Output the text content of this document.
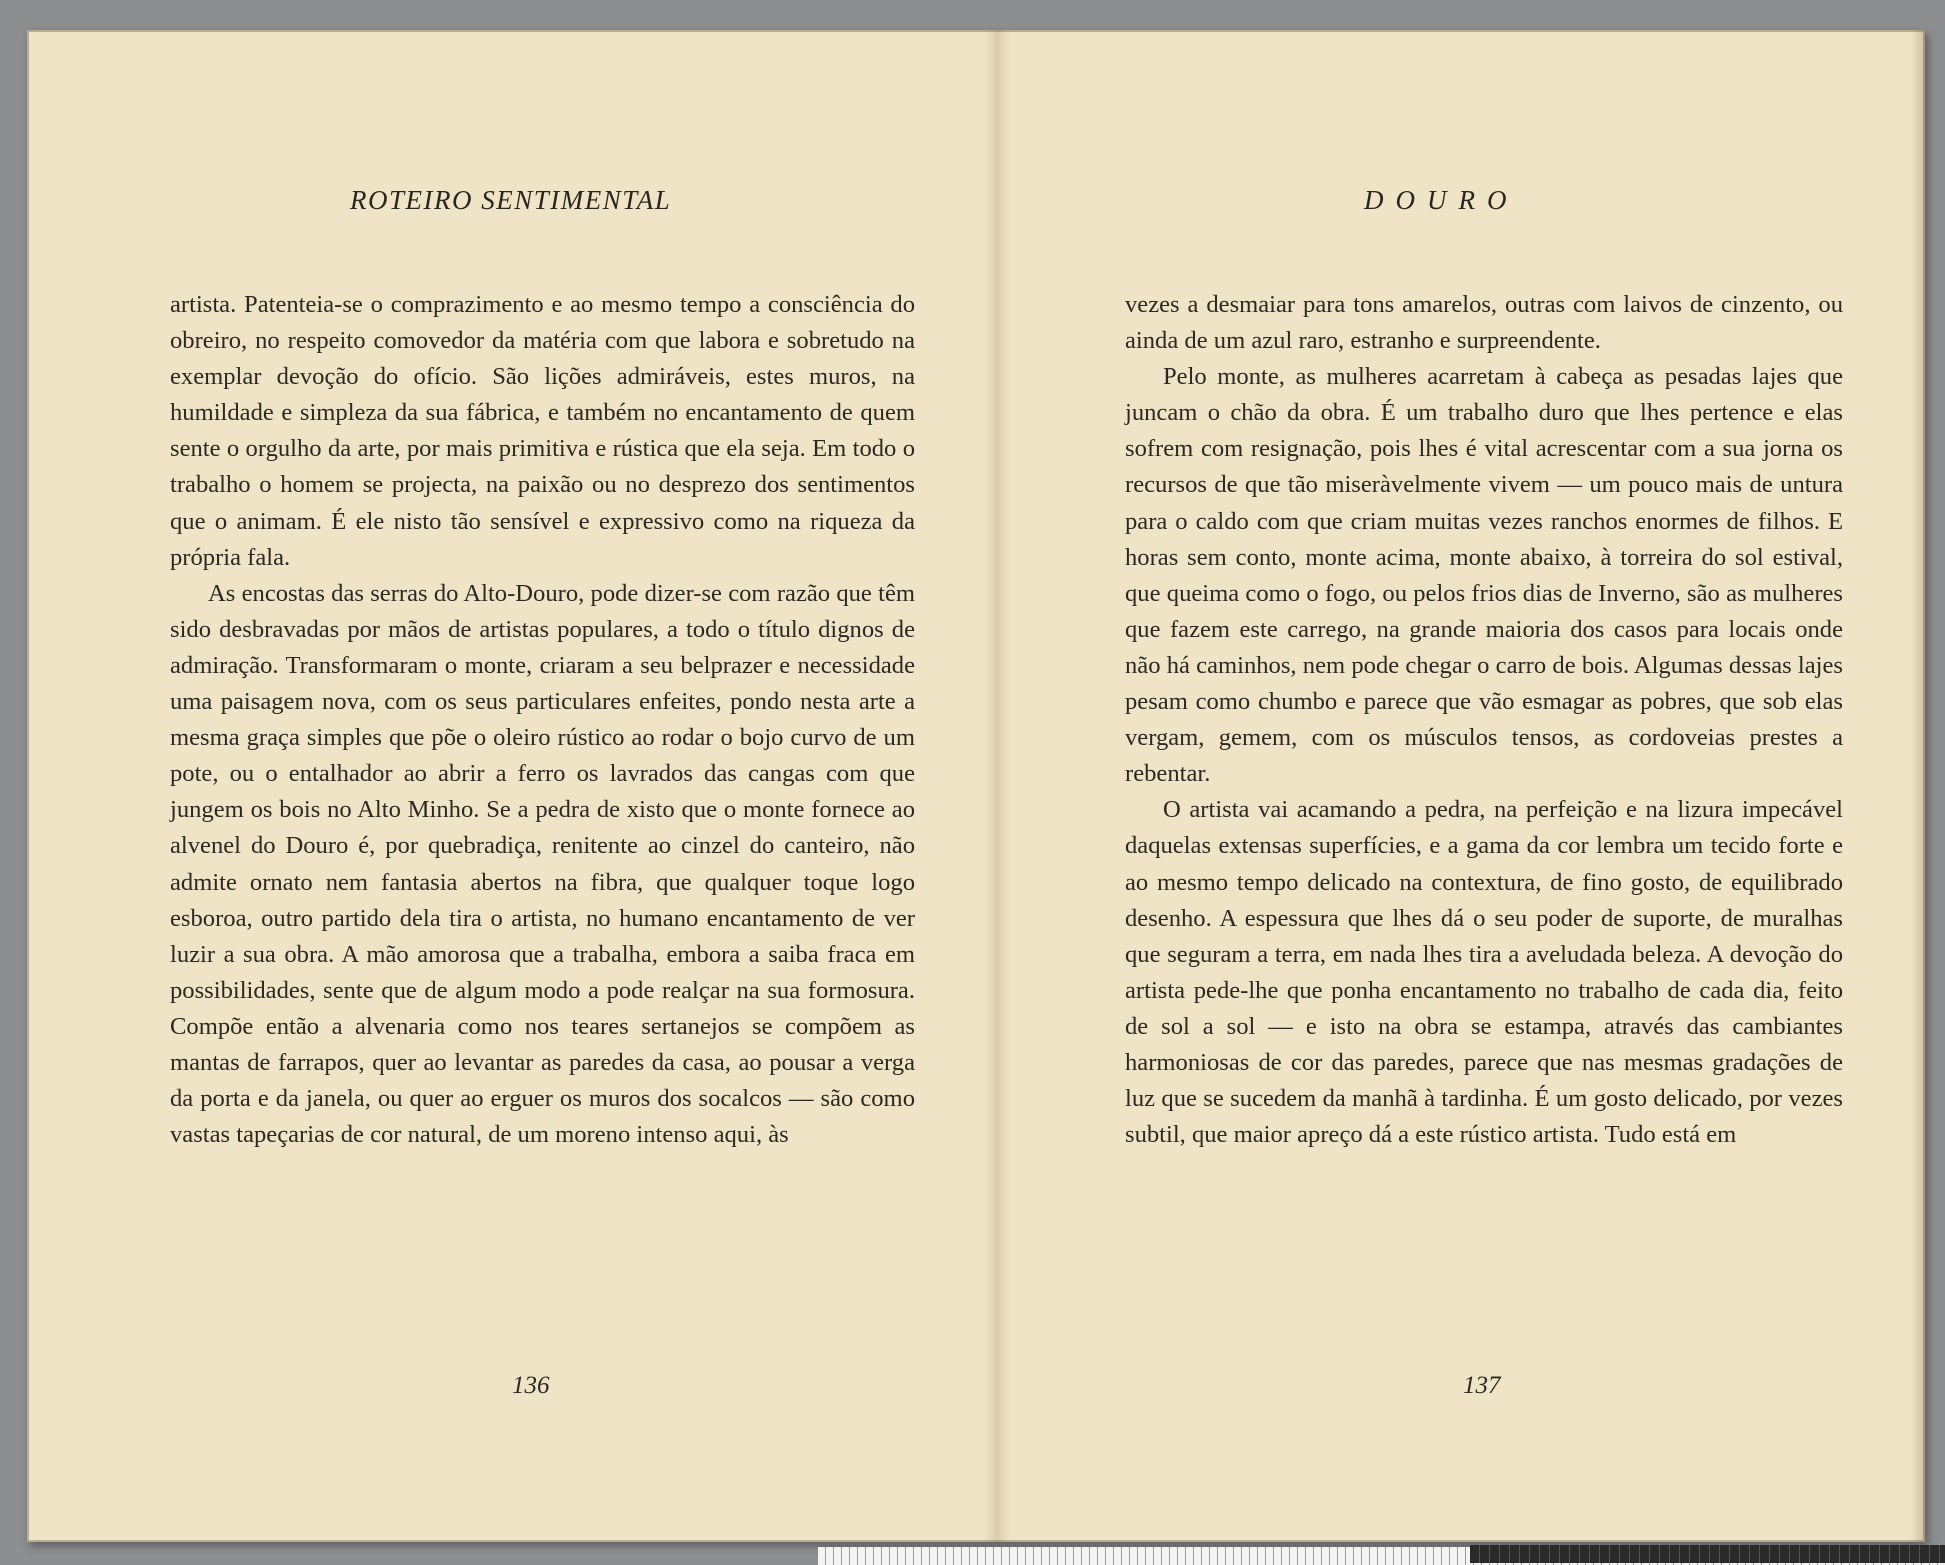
ROTEIRO SENTIMENTAL

artista. Patenteia-se o comprazimento e ao mesmo tempo a consciência do obreiro, no respeito comovedor da matéria com que labora e sobretudo na exemplar devoção do ofício. São lições admiráveis, estes muros, na humildade e simpleza da sua fábrica, e também no encantamento de quem sente o orgulho da arte, por mais primitiva e rústica que ela seja. Em todo o trabalho o homem se projecta, na paixão ou no desprezo dos sentimentos que o animam. É ele nisto tão sensível e expressivo como na riqueza da própria fala.

As encostas das serras do Alto-Douro, pode dizer-se com razão que têm sido desbravadas por mãos de artistas populares, a todo o título dignos de admiração. Transformaram o monte, criaram a seu belprazer e necessidade uma paisagem nova, com os seus particulares enfeites, pondo nesta arte a mesma graça simples que põe o oleiro rústico ao rodar o bojo curvo de um pote, ou o entalhador ao abrir a ferro os lavrados das cangas com que jungem os bois no Alto Minho. Se a pedra de xisto que o monte fornece ao alvenel do Douro é, por quebradiça, renitente ao cinzel do canteiro, não admite ornato nem fantasia abertos na fibra, que qualquer toque logo esboroa, outro partido dela tira o artista, no humano encantamento de ver luzir a sua obra. A mão amorosa que a trabalha, embora a saiba fraca em possibilidades, sente que de algum modo a pode realçar na sua formosura. Compõe então a alvenaria como nos teares sertanejos se compõem as mantas de farrapos, quer ao levantar as paredes da casa, ao pousar a verga da porta e da janela, ou quer ao erguer os muros dos socalcos — são como vastas tapeçarias de cor natural, de um moreno intenso aqui, às

136
DOURO

vezes a desmaiar para tons amarelos, outras com laivos de cinzento, ou ainda de um azul raro, estranho e surpreendente.

Pelo monte, as mulheres acarretam à cabeça as pesadas lajes que juncam o chão da obra. É um trabalho duro que lhes pertence e elas sofrem com resignação, pois lhes é vital acrescentar com a sua jorna os recursos de que tão miseràvelmente vivem — um pouco mais de untura para o caldo com que criam muitas vezes ranchos enormes de filhos. E horas sem conto, monte acima, monte abaixo, à torreira do sol estival, que queima como o fogo, ou pelos frios dias de Inverno, são as mulheres que fazem este carrego, na grande maioria dos casos para locais onde não há caminhos, nem pode chegar o carro de bois. Algumas dessas lajes pesam como chumbo e parece que vão esmagar as pobres, que sob elas vergam, gemem, com os músculos tensos, as cordoveias prestes a rebentar.

O artista vai acamando a pedra, na perfeição e na lizura impecável daquelas extensas superfícies, e a gama da cor lembra um tecido forte e ao mesmo tempo delicado na contextura, de fino gosto, de equilibrado desenho. A espessura que lhes dá o seu poder de suporte, de muralhas que seguram a terra, em nada lhes tira a aveludada beleza. A devoção do artista pede-lhe que ponha encantamento no trabalho de cada dia, feito de sol a sol — e isto na obra se estampa, através das cambiantes harmoniosas de cor das paredes, parece que nas mesmas gradações de luz que se sucedem da manhã à tardinha. É um gosto delicado, por vezes subtil, que maior apreço dá a este rústico artista. Tudo está em

137
